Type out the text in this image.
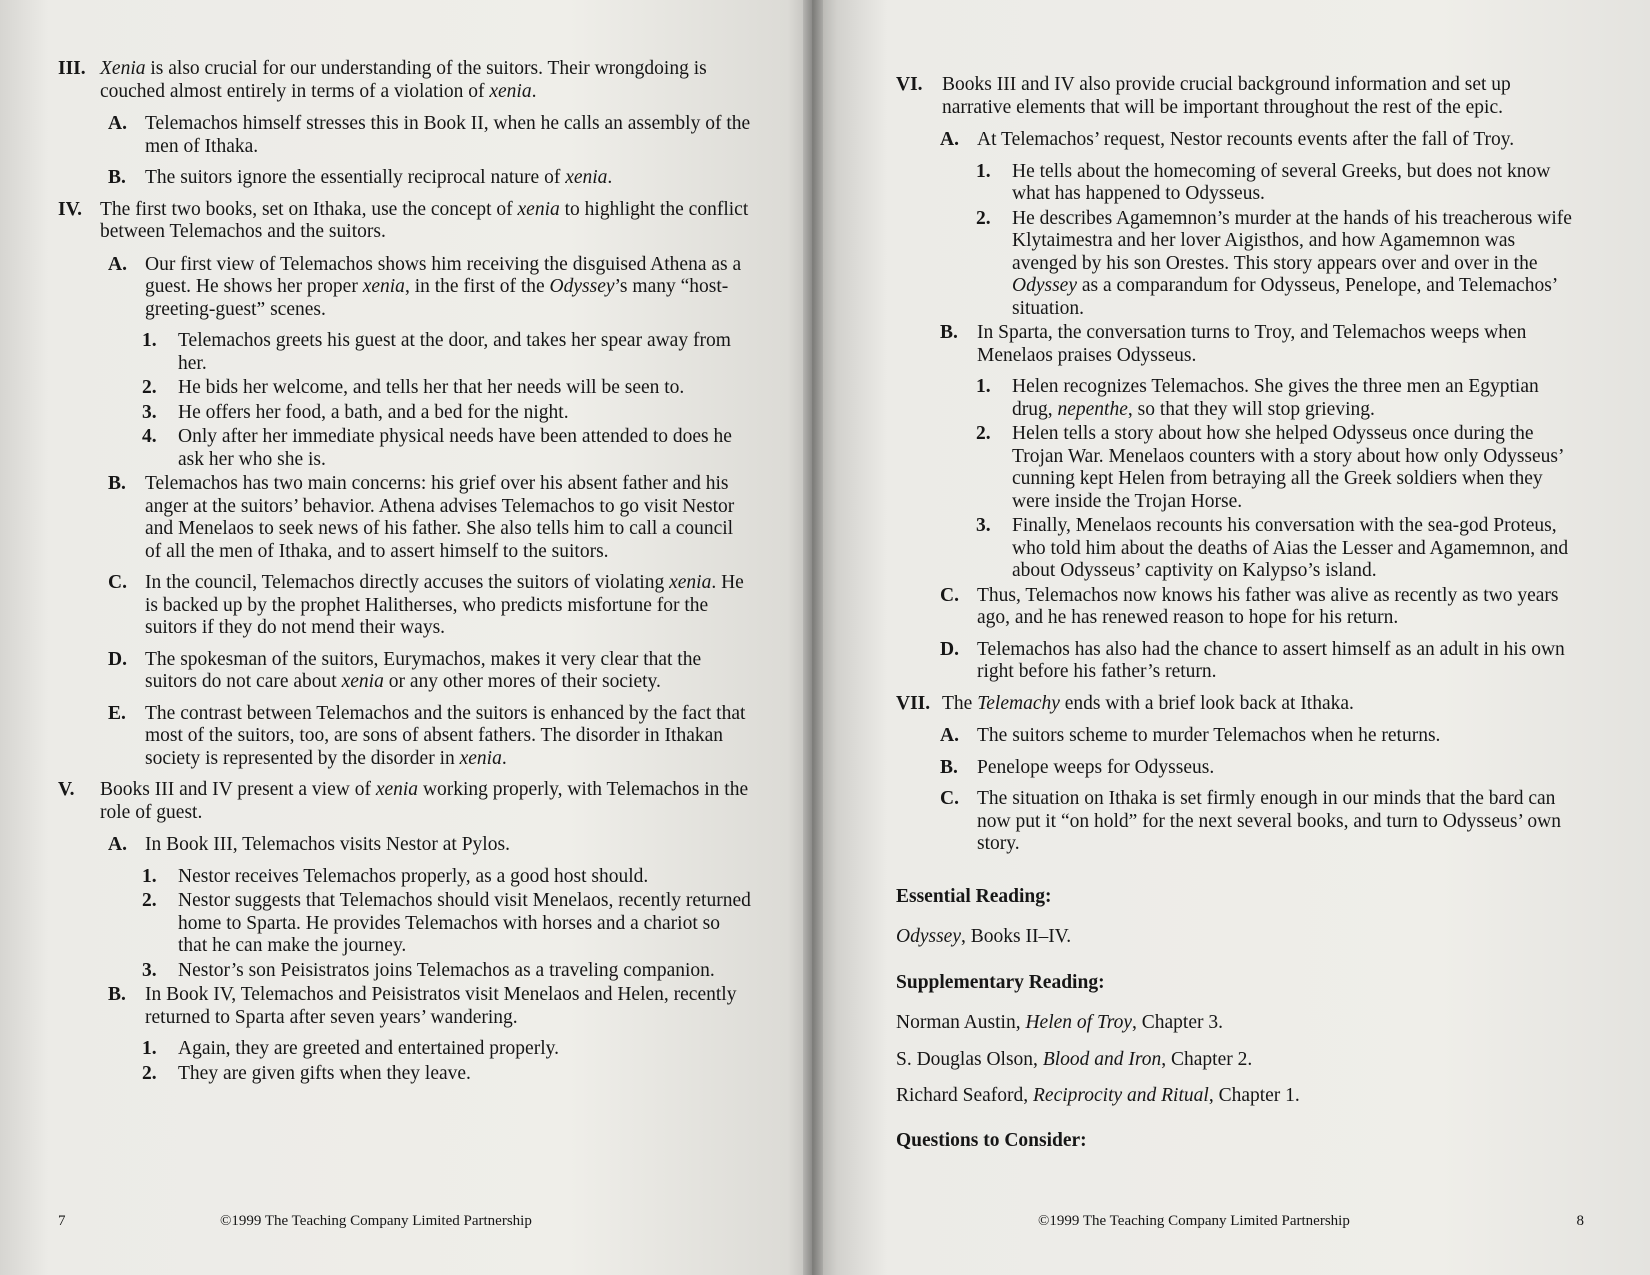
III. Xenia is also crucial for our understanding of the suitors. Their wrongdoing is couched almost entirely in terms of a violation of xenia.
A. Telemachos himself stresses this in Book II, when he calls an assembly of the men of Ithaka.
B. The suitors ignore the essentially reciprocal nature of xenia.
IV. The first two books, set on Ithaka, use the concept of xenia to highlight the conflict between Telemachos and the suitors.
A. Our first view of Telemachos shows him receiving the disguised Athena as a guest. He shows her proper xenia, in the first of the Odyssey’s many “host-greeting-guest” scenes.
1.	Telemachos greets his guest at the door, and takes her spear away from her.
2.	He bids her welcome, and tells her that her needs will be seen to.
3.	He offers her food, a bath, and a bed for the night.
4.	Only after her immediate physical needs have been attended to does he ask her who she is.
B. Telemachos has two main concerns: his grief over his absent father and his anger at the suitors’ behavior. Athena advises Telemachos to go visit Nestor and Menelaos to seek news of his father. She also tells him to call a council of all the men of Ithaka, and to assert himself to the suitors.
C. In the council, Telemachos directly accuses the suitors of violating xenia. He is backed up by the prophet Halitherses, who predicts misfortune for the suitors if they do not mend their ways.
D. The spokesman of the suitors, Eurymachos, makes it very clear that the suitors do not care about xenia or any other mores of their society.
E. The contrast between Telemachos and the suitors is enhanced by the fact that most of the suitors, too, are sons of absent fathers. The disorder in Ithakan society is represented by the disorder in xenia.
V.	Books III and IV present a view of xenia working properly, with Telemachos in the role of guest.
A. In Book III, Telemachos visits Nestor at Pylos.
1.	Nestor receives Telemachos properly, as a good host should.
2.	Nestor suggests that Telemachos should visit Menelaos, recently returned home to Sparta. He provides Telemachos with horses and a chariot so that he can make the journey.
3.	Nestor’s son Peisistratos joins Telemachos as a traveling companion.
B. In Book IV, Telemachos and Peisistratos visit Menelaos and Helen, recently returned to Sparta after seven years’ wandering.
1.	Again, they are greeted and entertained properly.
2.	They are given gifts when they leave.
7	©1999 The Teaching Company Limited Partnership
VI. Books III and IV also provide crucial background information and set up narrative elements that will be important throughout the rest of the epic.
A. At Telemachos’ request, Nestor recounts events after the fall of Troy.
1.	He tells about the homecoming of several Greeks, but does not know what has happened to Odysseus.
2.	He describes Agamemnon’s murder at the hands of his treacherous wife Klytaimestra and her lover Aigisthos, and how Agamemnon was avenged by his son Orestes. This story appears over and over in the Odyssey as a comparandum for Odysseus, Penelope, and Telemachos’ situation.
B. In Sparta, the conversation turns to Troy, and Telemachos weeps when Menelaos praises Odysseus.
1.	Helen recognizes Telemachos. She gives the three men an Egyptian drug, nepenthe, so that they will stop grieving.
2.	Helen tells a story about how she helped Odysseus once during the Trojan War. Menelaos counters with a story about how only Odysseus’ cunning kept Helen from betraying all the Greek soldiers when they were inside the Trojan Horse.
3.	Finally, Menelaos recounts his conversation with the sea-god Proteus, who told him about the deaths of Aias the Lesser and Agamemnon, and about Odysseus’ captivity on Kalypso’s island.
C. Thus, Telemachos now knows his father was alive as recently as two years ago, and he has renewed reason to hope for his return.
D. Telemachos has also had the chance to assert himself as an adult in his own right before his father’s return.
VII. The Telemachy ends with a brief look back at Ithaka.
A. The suitors scheme to murder Telemachos when he returns.
B. Penelope weeps for Odysseus.
C. The situation on Ithaka is set firmly enough in our minds that the bard can now put it “on hold” for the next several books, and turn to Odysseus’ own story.
Essential Reading:
Odyssey, Books II–IV.
Supplementary Reading:
Norman Austin, Helen of Troy, Chapter 3.
S. Douglas Olson, Blood and Iron, Chapter 2.
Richard Seaford, Reciprocity and Ritual, Chapter 1.
Questions to Consider:
©1999 The Teaching Company Limited Partnership	8
